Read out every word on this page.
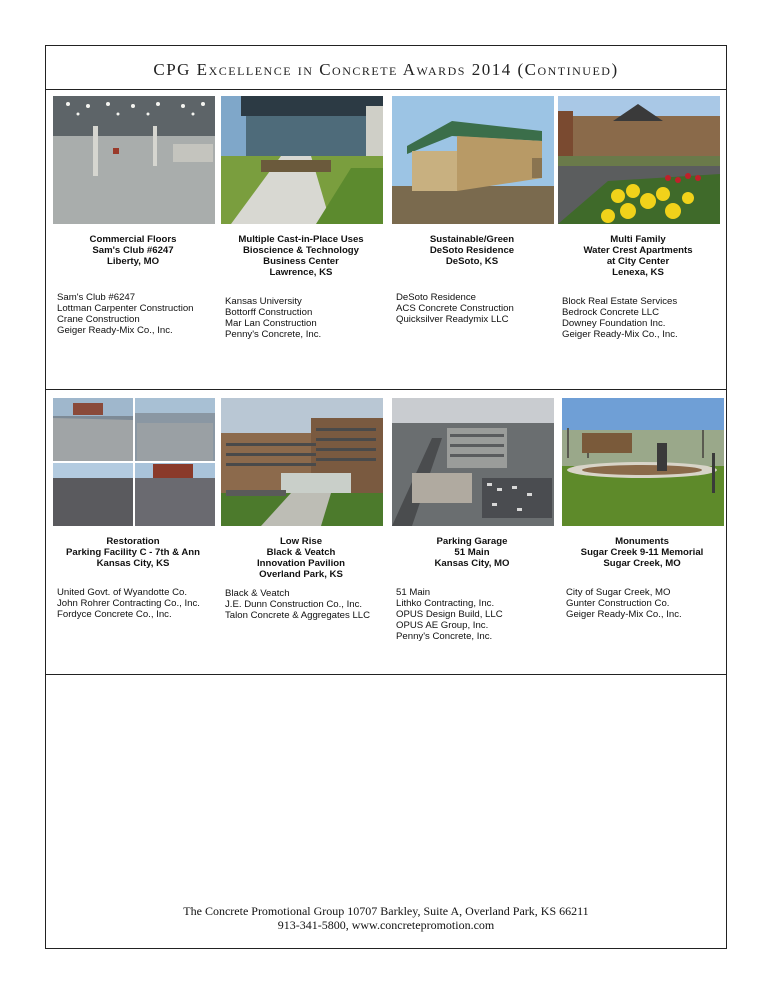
CPG Excellence in Concrete Awards 2014 (Continued)
Commercial Floors
Sam's Club #6247
Liberty, MO
Sam's Club #6247
Lottman Carpenter Construction
Crane Construction
Geiger Ready-Mix Co., Inc.
Multiple Cast-in-Place Uses
Bioscience & Technology
Business Center
Lawrence, KS
Kansas University
Bottorff Construction
Mar Lan Construction
Penny's Concrete, Inc.
Sustainable/Green
DeSoto Residence
DeSoto, KS
DeSoto Residence
ACS Concrete Construction
Quicksilver Readymix LLC
Multi Family
Water Crest Apartments
at City Center
Lenexa, KS
Block Real Estate Services
Bedrock Concrete LLC
Downey Foundation Inc.
Geiger Ready-Mix Co., Inc.
Restoration
Parking Facility C - 7th & Ann
Kansas City, KS
United Govt. of Wyandotte Co.
John Rohrer Contracting Co., Inc.
Fordyce Concrete Co., Inc.
Low Rise
Black & Veatch
Innovation Pavilion
Overland Park, KS
Black & Veatch
J.E. Dunn Construction Co., Inc.
Talon Concrete & Aggregates LLC
Parking Garage
51 Main
Kansas City, MO
51 Main
Lithko Contracting, Inc.
OPUS Design Build, LLC
OPUS AE Group, Inc.
Penny's Concrete, Inc.
Monuments
Sugar Creek 9-11 Memorial
Sugar Creek, MO
City of Sugar Creek, MO
Gunter Construction Co.
Geiger Ready-Mix Co., Inc.
The Concrete Promotional Group 10707 Barkley, Suite A, Overland Park, KS 66211
913-341-5800, www.concretepromotion.com
